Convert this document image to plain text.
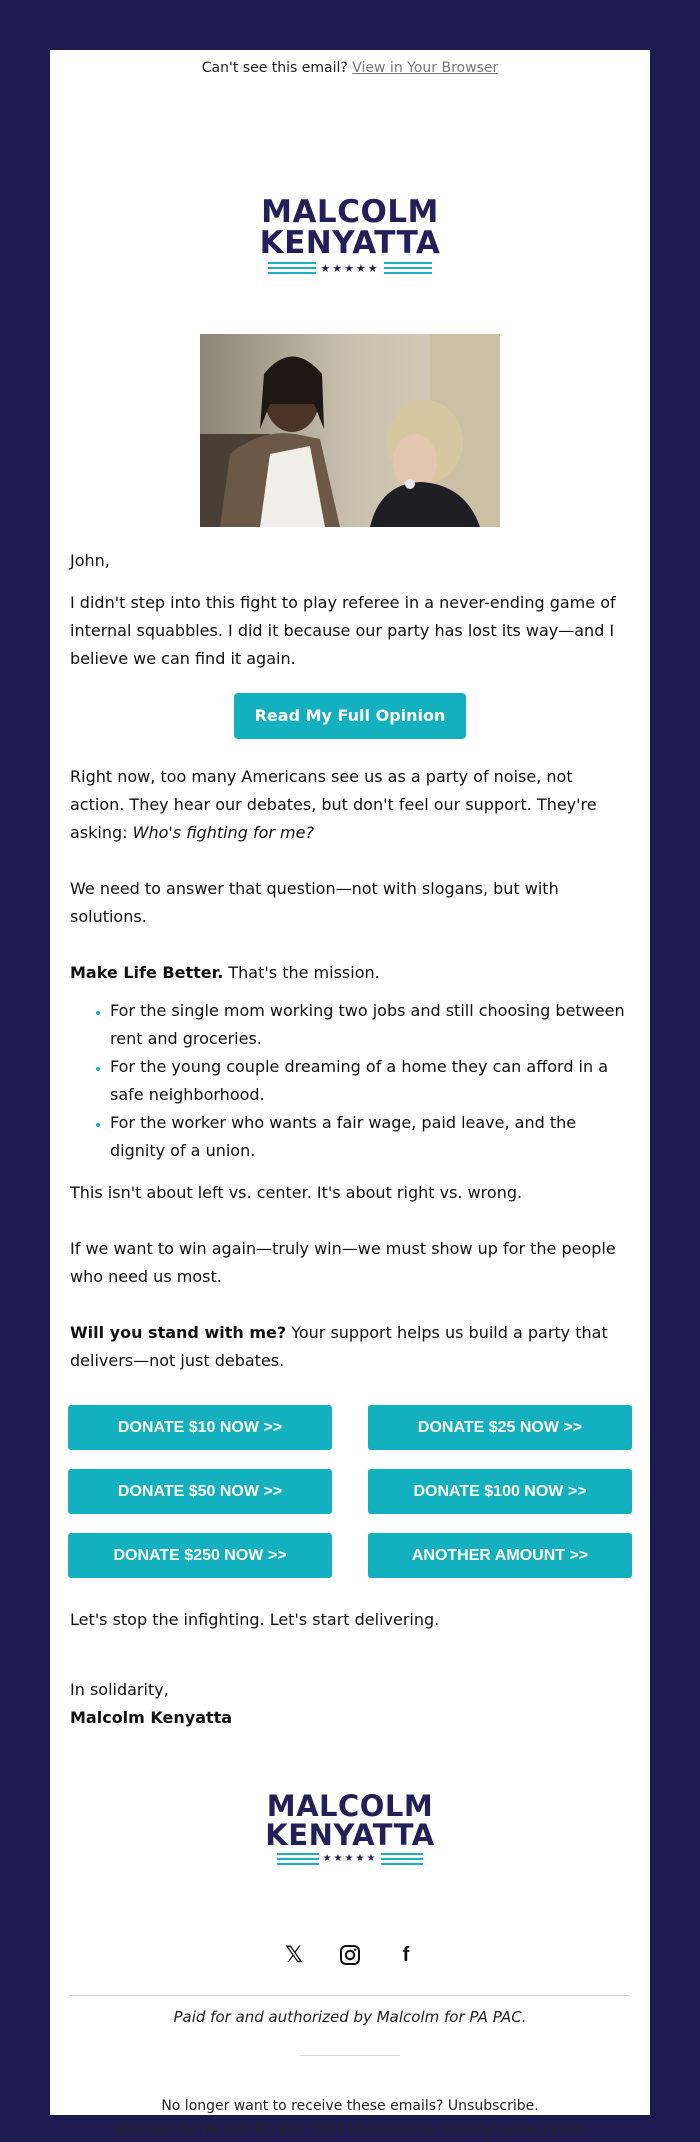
Can't see this email? View in Your Browser
MALCOLM
KENYATTA
★★★★★

John,

I didn't step into this fight to play referee in a never-ending game of internal squabbles. I did it because our party has lost its way—and I believe we can find it again.

Read My Full Opinion Piece

Right now, too many Americans see us as a party of noise, not action. They hear our debates, but don't feel our support. They're asking: Who's fighting for me?

We need to answer that question—not with slogans, but with solutions.

Make Life Better. That's the mission.

• For the single mom working two jobs and still choosing between rent and groceries.
• For the young couple dreaming of a home they can afford in a safe neighborhood.
• For the worker who wants a fair wage, paid leave, and the dignity of a union.

This isn't about left vs. center. It's about right vs. wrong.

If we want to win again—truly win—we must show up for the people who need us most.

Will you stand with me? Your support helps us build a party that delivers—not just debates.

DONATE $10 NOW >>	DONATE $25 NOW >>
DONATE $50 NOW >>	DONATE $100 NOW >>
DONATE $250 NOW >>	ANOTHER AMOUNT >>

Let's stop the infighting. Let's start delivering.

In solidarity,

Malcolm Kenyatta

MALCOLM
KENYATTA
★★★★★
𝕏	f
Paid for and authorized by Malcolm for PA PAC.
No longer want to receive these emails? Unsubscribe.
Malcolm for PA PAC PO Box 3307 Philadelphia, Pennsylvania 19130
